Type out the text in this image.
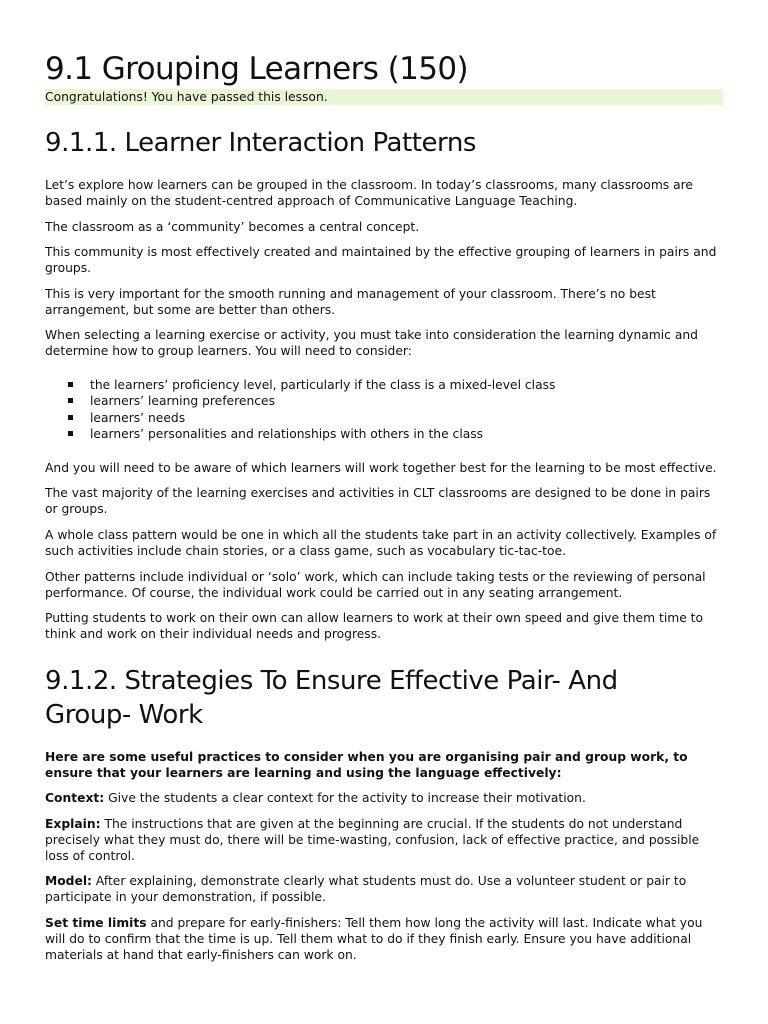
9.1 Grouping Learners (150)
Congratulations! You have passed this lesson.
9.1.1. Learner Interaction Patterns

Let’s explore how learners can be grouped in the classroom. In today’s classrooms, many classrooms are based mainly on the student-centred approach of Communicative Language Teaching.

The classroom as a ‘community’ becomes a central concept.

This community is most effectively created and maintained by the effective grouping of learners in pairs and groups.

This is very important for the smooth running and management of your classroom. There’s no best arrangement, but some are better than others.

When selecting a learning exercise or activity, you must take into consideration the learning dynamic and determine how to group learners. You will need to consider:

the learners’ proficiency level, particularly if the class is a mixed-level class
learners’ learning preferences
learners’ needs
learners’ personalities and relationships with others in the class

And you will need to be aware of which learners will work together best for the learning to be most effective.

The vast majority of the learning exercises and activities in CLT classrooms are designed to be done in pairs or groups.

A whole class pattern would be one in which all the students take part in an activity collectively. Examples of such activities include chain stories, or a class game, such as vocabulary tic-tac-toe.

Other patterns include individual or ‘solo’ work, which can include taking tests or the reviewing of personal performance. Of course, the individual work could be carried out in any seating arrangement.

Putting students to work on their own can allow learners to work at their own speed and give them time to think and work on their individual needs and progress.

9.1.2. Strategies To Ensure Effective Pair- And
Group- Work

Here are some useful practices to consider when you are organising pair and group work, to ensure that your learners are learning and using the language effectively:

Context: Give the students a clear context for the activity to increase their motivation.

Explain: The instructions that are given at the beginning are crucial. If the students do not understand precisely what they must do, there will be time-wasting, confusion, lack of effective practice, and possible loss of control.

Model: After explaining, demonstrate clearly what students must do. Use a volunteer student or pair to participate in your demonstration, if possible.

Set time limits and prepare for early-finishers: Tell them how long the activity will last. Indicate what you will do to confirm that the time is up. Tell them what to do if they finish early. Ensure you have additional materials at hand that early-finishers can work on.
